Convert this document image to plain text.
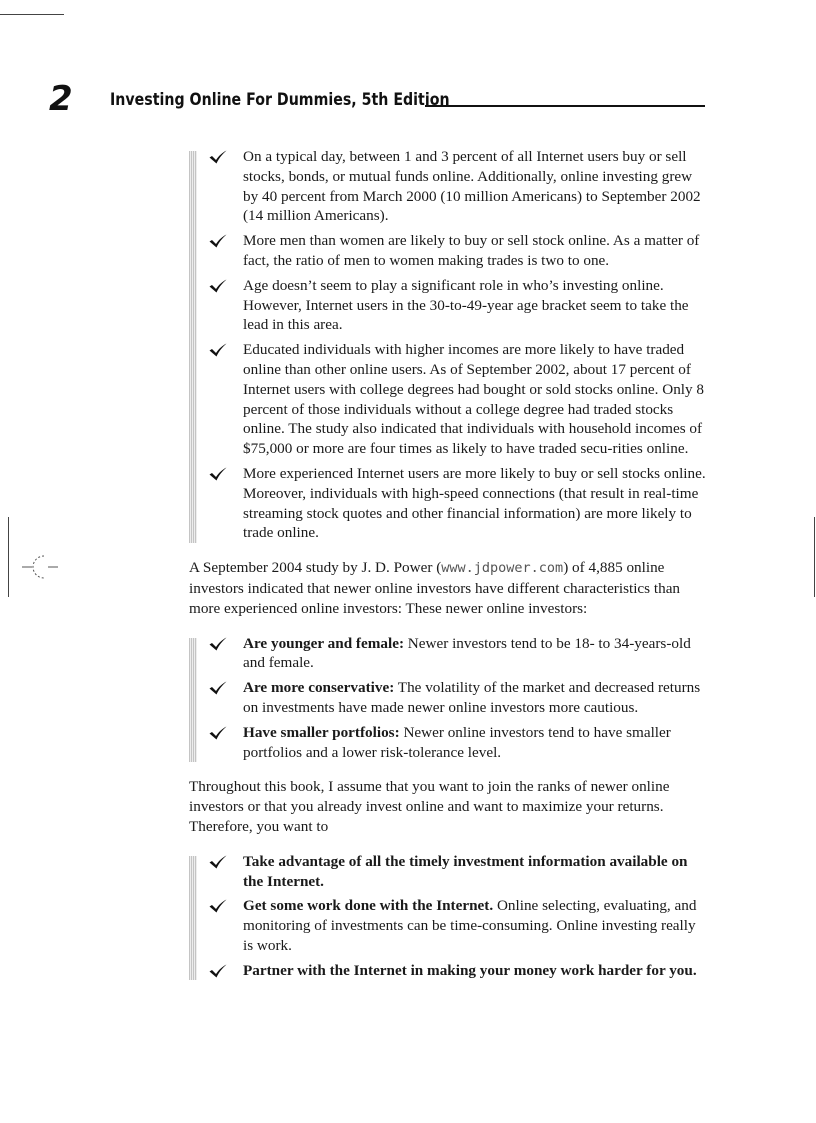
2 Investing Online For Dummies, 5th Edition
On a typical day, between 1 and 3 percent of all Internet users buy or sell stocks, bonds, or mutual funds online. Additionally, online investing grew by 40 percent from March 2000 (10 million Americans) to September 2002 (14 million Americans).
More men than women are likely to buy or sell stock online. As a matter of fact, the ratio of men to women making trades is two to one.
Age doesn’t seem to play a significant role in who’s investing online. However, Internet users in the 30-to-49-year age bracket seem to take the lead in this area.
Educated individuals with higher incomes are more likely to have traded online than other online users. As of September 2002, about 17 percent of Internet users with college degrees had bought or sold stocks online. Only 8 percent of those individuals without a college degree had traded stocks online. The study also indicated that individuals with household incomes of $75,000 or more are four times as likely to have traded secu-rities online.
More experienced Internet users are more likely to buy or sell stocks online. Moreover, individuals with high-speed connections (that result in real-time streaming stock quotes and other financial information) are more likely to trade online.

A September 2004 study by J. D. Power (www.jdpower.com) of 4,885 online investors indicated that newer online investors have different characteristics than more experienced online investors: These newer online investors:

Are younger and female: Newer investors tend to be 18- to 34-years-old and female.
Are more conservative: The volatility of the market and decreased returns on investments have made newer online investors more cautious.
Have smaller portfolios: Newer online investors tend to have smaller portfolios and a lower risk-tolerance level.

Throughout this book, I assume that you want to join the ranks of newer online investors or that you already invest online and want to maximize your returns. Therefore, you want to

Take advantage of all the timely investment information available on the Internet.
Get some work done with the Internet. Online selecting, evaluating, and monitoring of investments can be time-consuming. Online investing really is work.
Partner with the Internet in making your money work harder for you.
